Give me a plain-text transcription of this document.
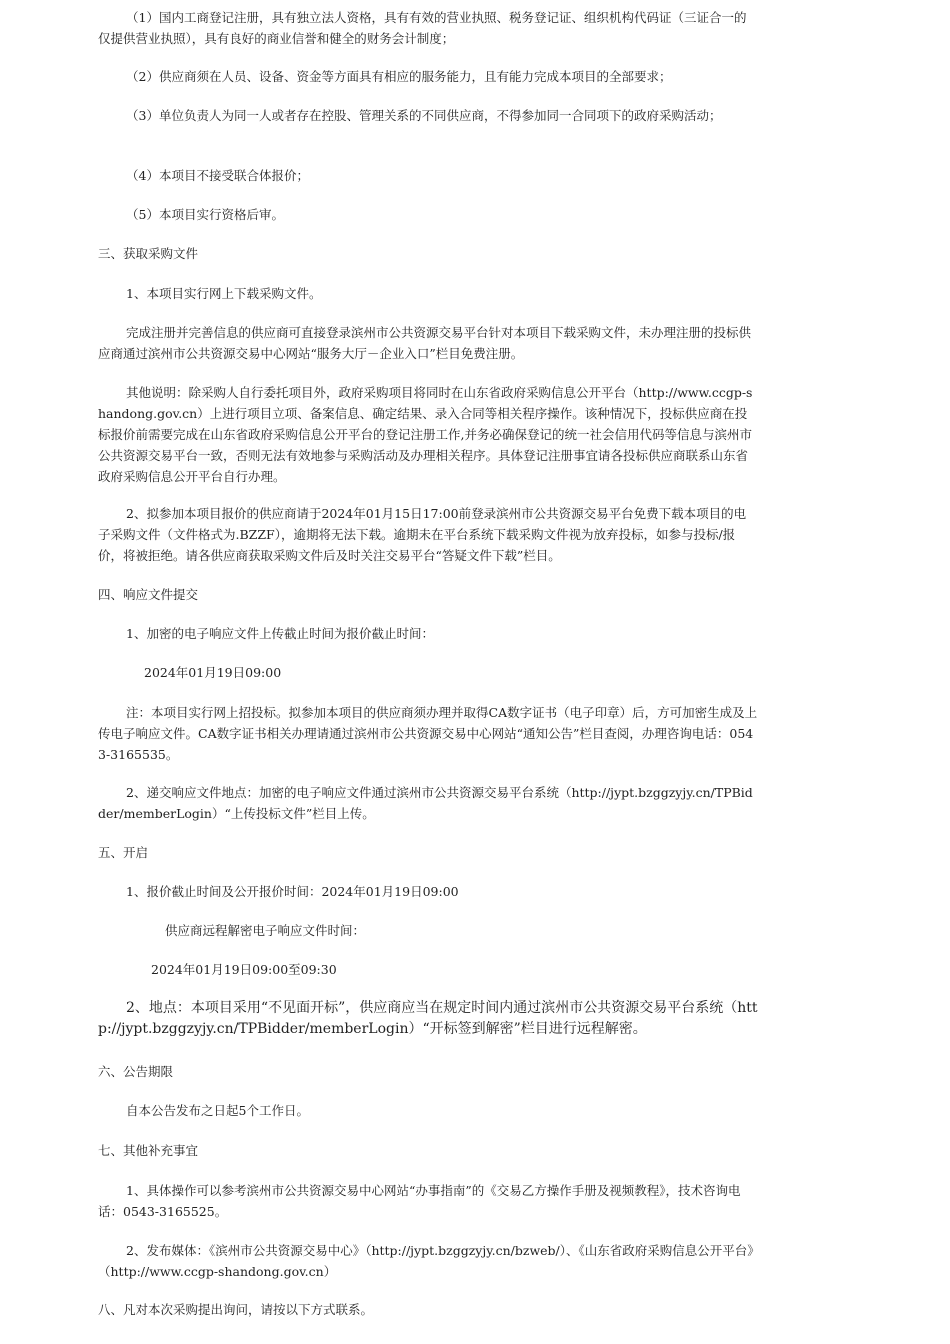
（1）国内工商登记注册，具有独立法人资格，具有有效的营业执照、税务登记证、组织机构代码证（三证合一的仅提供营业执照），具有良好的商业信誉和健全的财务会计制度；

（2）供应商须在人员、设备、资金等方面具有相应的服务能力，且有能力完成本项目的全部要求；

（3）单位负责人为同一人或者存在控股、管理关系的不同供应商，不得参加同一合同项下的政府采购活动；

（4）本项目不接受联合体报价；

（5）本项目实行资格后审。

三、获取采购文件

1、本项目实行网上下载采购文件。

完成注册并完善信息的供应商可直接登录滨州市公共资源交易平台针对本项目下载采购文件，未办理注册的投标供应商通过滨州市公共资源交易中心网站“服务大厅－企业入口”栏目免费注册。

其他说明：除采购人自行委托项目外，政府采购项目将同时在山东省政府采购信息公开平台（http://www.ccgp-shandong.gov.cn）上进行项目立项、备案信息、确定结果、录入合同等相关程序操作。该种情况下，投标供应商在投标报价前需要完成在山东省政府采购信息公开平台的登记注册工作,并务必确保登记的统一社会信用代码等信息与滨州市公共资源交易平台一致，否则无法有效地参与采购活动及办理相关程序。具体登记注册事宜请各投标供应商联系山东省政府采购信息公开平台自行办理。

2、拟参加本项目报价的供应商请于2024年01月15日17:00前登录滨州市公共资源交易平台免费下载本项目的电子采购文件（文件格式为.BZZF），逾期将无法下载。逾期未在平台系统下载采购文件视为放弃投标，如参与投标/报价，将被拒绝。请各供应商获取采购文件后及时关注交易平台“答疑文件下载”栏目。

四、响应文件提交

1、加密的电子响应文件上传截止时间为报价截止时间：

2024年01月19日09:00

注：本项目实行网上招投标。拟参加本项目的供应商须办理并取得CA数字证书（电子印章）后，方可加密生成及上传电子响应文件。CA数字证书相关办理请通过滨州市公共资源交易中心网站“通知公告”栏目查阅，办理咨询电话：0543-3165535。

2、递交响应文件地点：加密的电子响应文件通过滨州市公共资源交易平台系统（http://jypt.bzggzyjy.cn/TPBidder/memberLogin）“上传投标文件”栏目上传。

五、开启

1、报价截止时间及公开报价时间：2024年01月19日09:00

供应商远程解密电子响应文件时间：

2024年01月19日09:00至09:30

2、地点：本项目采用“不见面开标”，供应商应当在规定时间内通过滨州市公共资源交易平台系统（http://jypt.bzggzyjy.cn/TPBidder/memberLogin）“开标签到解密”栏目进行远程解密。

六、公告期限

自本公告发布之日起5个工作日。

七、其他补充事宜

1、具体操作可以参考滨州市公共资源交易中心网站“办事指南”的《交易乙方操作手册及视频教程》，技术咨询电话：0543-3165525。

2、发布媒体：《滨州市公共资源交易中心》（http://jypt.bzggzyjy.cn/bzweb/）、《山东省政府采购信息公开平台》（http://www.ccgp-shandong.gov.cn）

八、凡对本次采购提出询问，请按以下方式联系。
